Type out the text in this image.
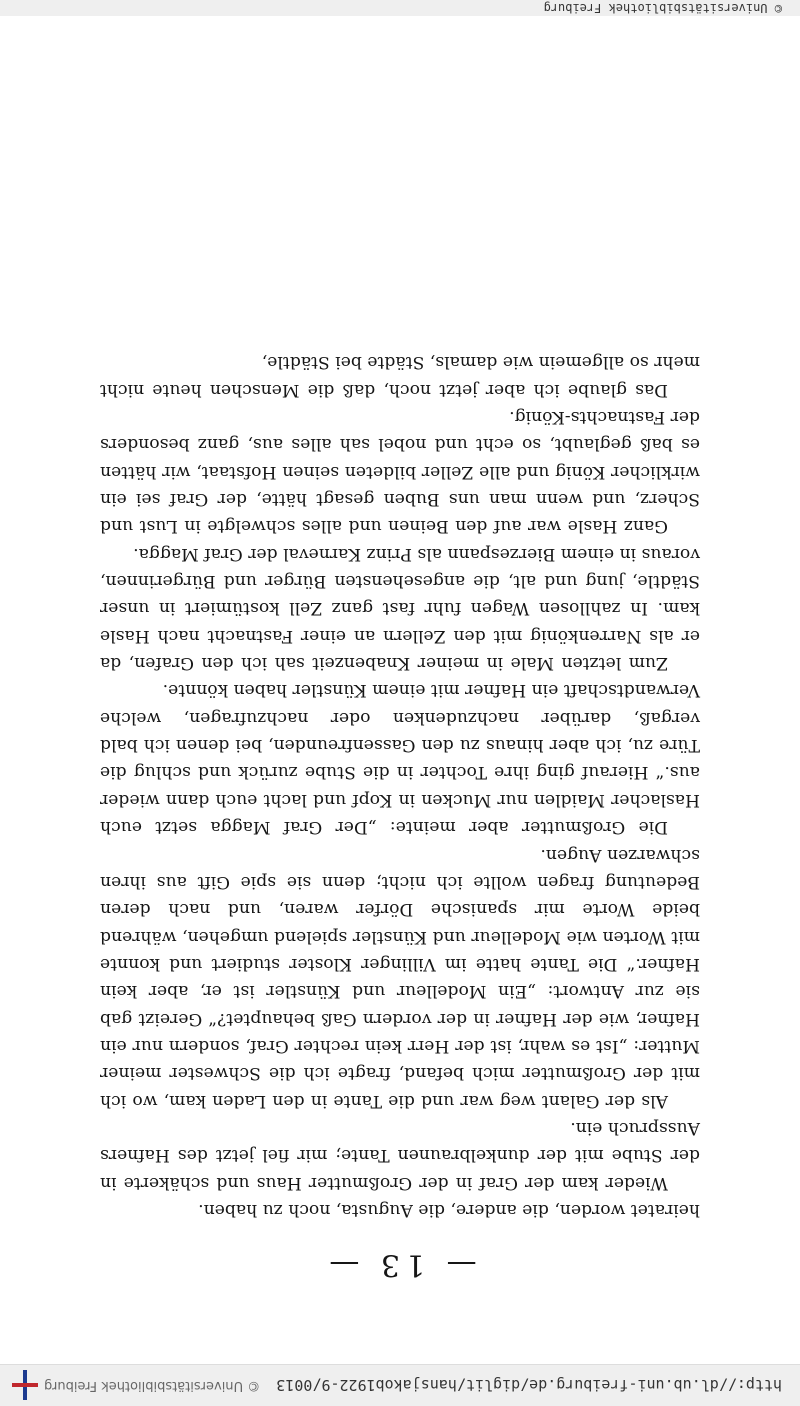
http://dl.ub.uni-freiburg.de/diglit/hansjakob1922-9/0013
© Universitätsbibliothek Freiburg
— 13 —

heiratet worden, die andere, die Augusta, noch zu haben.

Wieder kam der Graf in der Großmutter Haus und schäkerte in der Stube mit der dunkelbraunen Tante; mir fiel jetzt des Hafners Ausspruch ein.

Als der Galant weg war und die Tante in den Laden kam, wo ich mit der Großmutter mich befand, fragte ich die Schwester meiner Mutter: „Ist es wahr, ist der Herr kein rechter Graf, sondern nur ein Hafner, wie der Hafner in der vordern Gaß behauptet?“ Gereizt gab sie zur Antwort: „Ein Modelleur und Künstler ist er, aber kein Hafner.“ Die Tante hatte im Villinger Kloster studiert und konnte mit Worten wie Modelleur und Künstler spielend umgehen, während beide Worte mir spanische Dörfer waren, und nach deren Bedeutung fragen wollte ich nicht; denn sie spie Gift aus ihren schwarzen Augen.

Die Großmutter aber meinte: „Der Graf Magga setzt euch Haslacher Maidlen nur Mucken in Kopf und lacht euch dann wieder aus.“ Hierauf ging ihre Tochter in die Stube zurück und schlug die Türe zu, ich aber hinaus zu den Gassenfreunden, bei denen ich bald vergaß, darüber nachzudenken oder nachzufragen, welche Verwandtschaft ein Hafner mit einem Künstler haben könnte.

Zum letzten Male in meiner Knabenzeit sah ich den Grafen, da er als Narrenkönig mit den Zellern an einer Fastnacht nach Hasle kam. In zahllosen Wagen fuhr fast ganz Zell kostümiert in unser Städtle, jung und alt, die angesehensten Bürger und Bürgerinnen, voraus in einem Bierzespann als Prinz Karneval der Graf Magga.

Ganz Hasle war auf den Beinen und alles schwelgte in Lust und Scherz, und wenn man uns Buben gesagt hätte, der Graf sei ein wirklicher König und alle Zeller bildeten seinen Hofstaat, wir hätten es baß geglaubt, so echt und nobel sah alles aus, ganz besonders der Fastnachts-König.

Das glaube ich aber jetzt noch, daß die Menschen heute nicht mehr so allgemein wie damals, Städte bei Städtle,

© Universitätsbibliothek Freiburg
